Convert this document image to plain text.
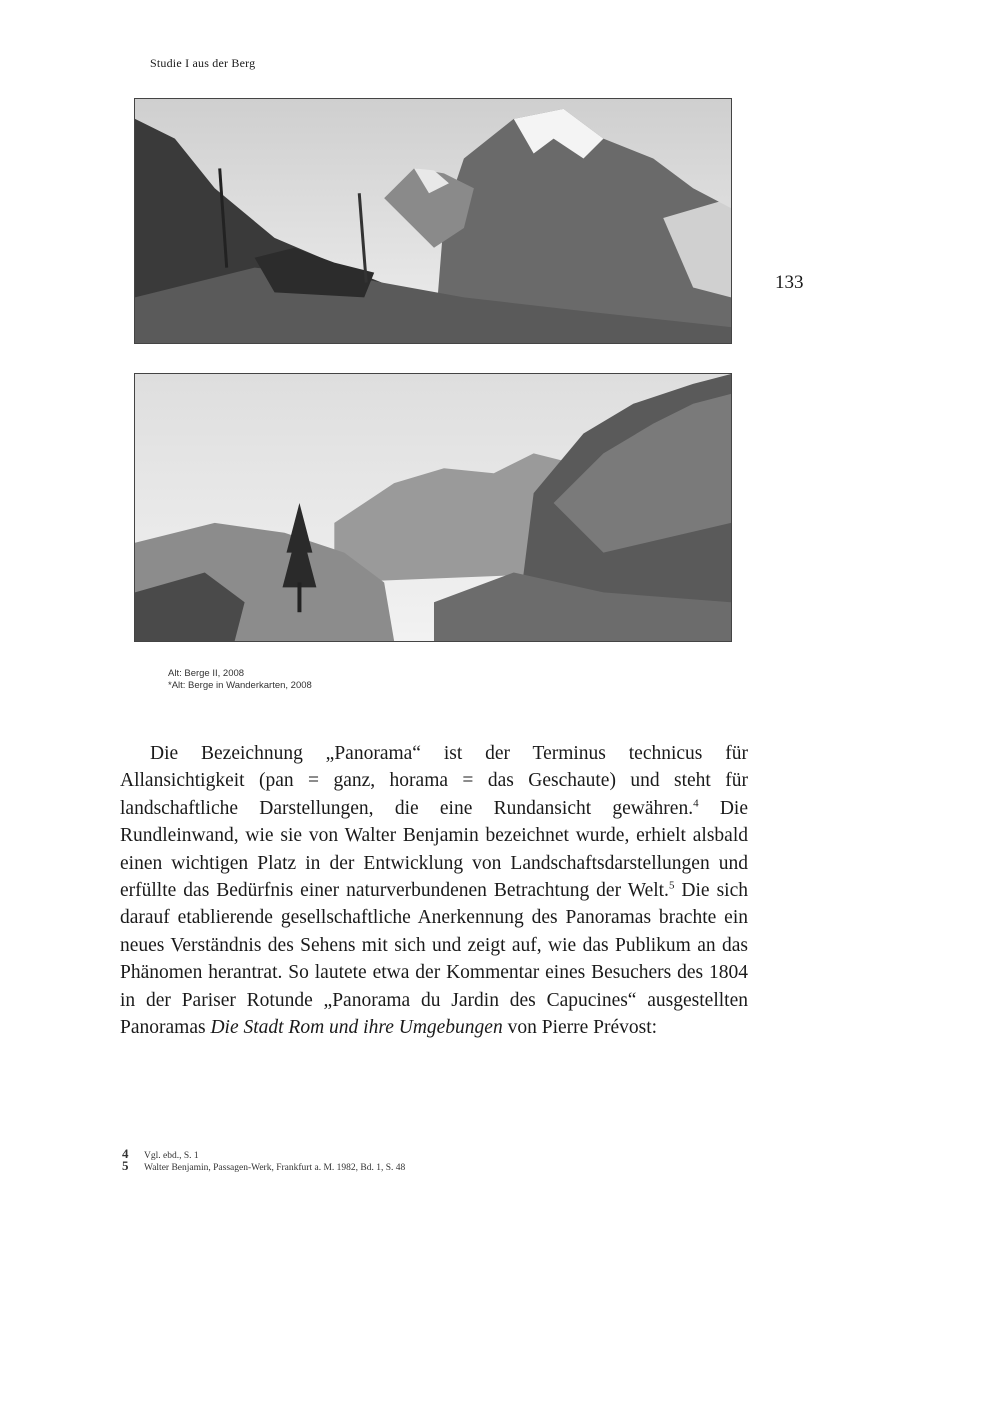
Studie I aus der Berg
133
Alt: Berge II, 2008
*Alt: Berge in Wanderkarten, 2008

Die Bezeichnung „Panorama“ ist der Terminus technicus für Allansichtigkeit (pan = ganz, horama = das Geschaute) und steht für landschaftliche Darstellungen, die eine Rundansicht gewähren.$^4$ Die Rundleinwand, wie sie von Walter Benjamin bezeichnet wurde, erhielt alsbald einen wichtigen Platz in der Entwicklung von Landschaftsdarstellungen und erfüllte das Bedürfnis einer naturverbundenen Betrachtung der Welt.$^5$ Die sich darauf etablierende gesellschaftliche Anerkennung des Panoramas brachte ein neues Verständnis des Sehens mit sich und zeigt auf, wie das Publikum an das Phänomen herantrat. So lautete etwa der Kommentar eines Besuchers des 1804 in der Pariser Rotunde „Panorama du Jardin des Capucines“ ausgestellten Panoramas Die Stadt Rom und ihre Umgebungen von Pierre Prévost:

4 Vgl. ebd., S. 1
5 Walter Benjamin, Passagen-Werk, Frankfurt a. M. 1982, Bd. 1, S. 48
